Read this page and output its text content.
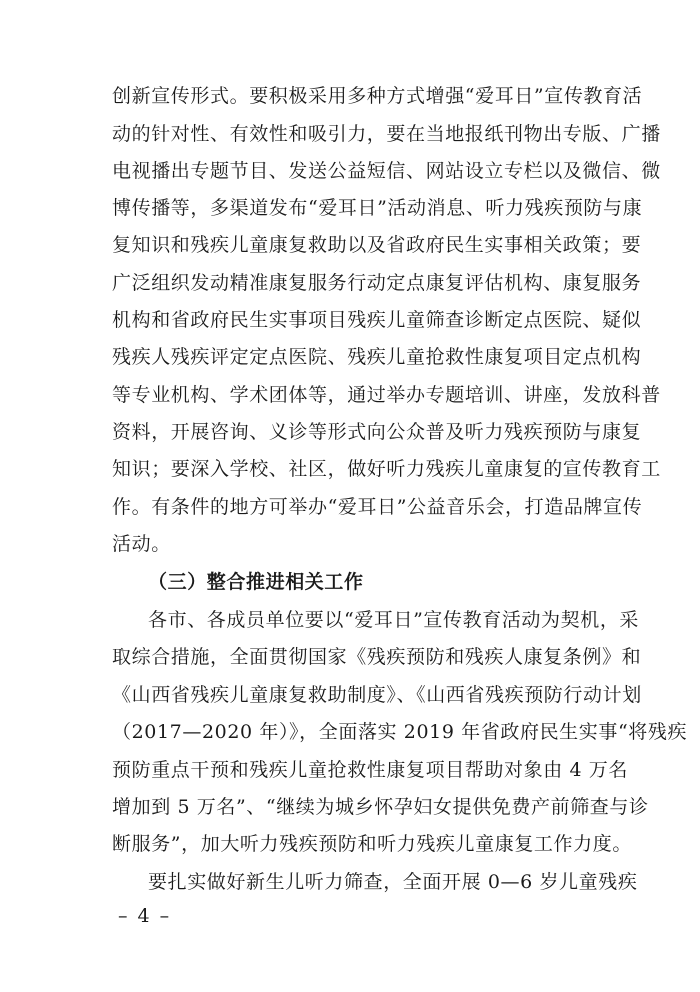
创新宣传形式。要积极采用多种方式增强“爱耳日”宣传教育活
动的针对性、有效性和吸引力，要在当地报纸刊物出专版、广播
电视播出专题节目、发送公益短信、网站设立专栏以及微信、微
博传播等，多渠道发布“爱耳日”活动消息、听力残疾预防与康
复知识和残疾儿童康复救助以及省政府民生实事相关政策；要
广泛组织发动精准康复服务行动定点康复评估机构、康复服务
机构和省政府民生实事项目残疾儿童筛查诊断定点医院、疑似
残疾人残疾评定定点医院、残疾儿童抢救性康复项目定点机构
等专业机构、学术团体等，通过举办专题培训、讲座，发放科普
资料，开展咨询、义诊等形式向公众普及听力残疾预防与康复
知识；要深入学校、社区，做好听力残疾儿童康复的宣传教育工
作。有条件的地方可举办“爱耳日”公益音乐会，打造品牌宣传
活动。
（三）整合推进相关工作
各市、各成员单位要以“爱耳日”宣传教育活动为契机，采
取综合措施，全面贯彻国家《残疾预防和残疾人康复条例》和
《山西省残疾儿童康复救助制度》、《山西省残疾预防行动计划
（2017—2020 年）》，全面落实 2019 年省政府民生实事“将残疾
预防重点干预和残疾儿童抢救性康复项目帮助对象由 4 万名
增加到 5 万名”、“继续为城乡怀孕妇女提供免费产前筛查与诊
断服务”，加大听力残疾预防和听力残疾儿童康复工作力度。
要扎实做好新生儿听力筛查，全面开展 0—6 岁儿童残疾
– 4 –
